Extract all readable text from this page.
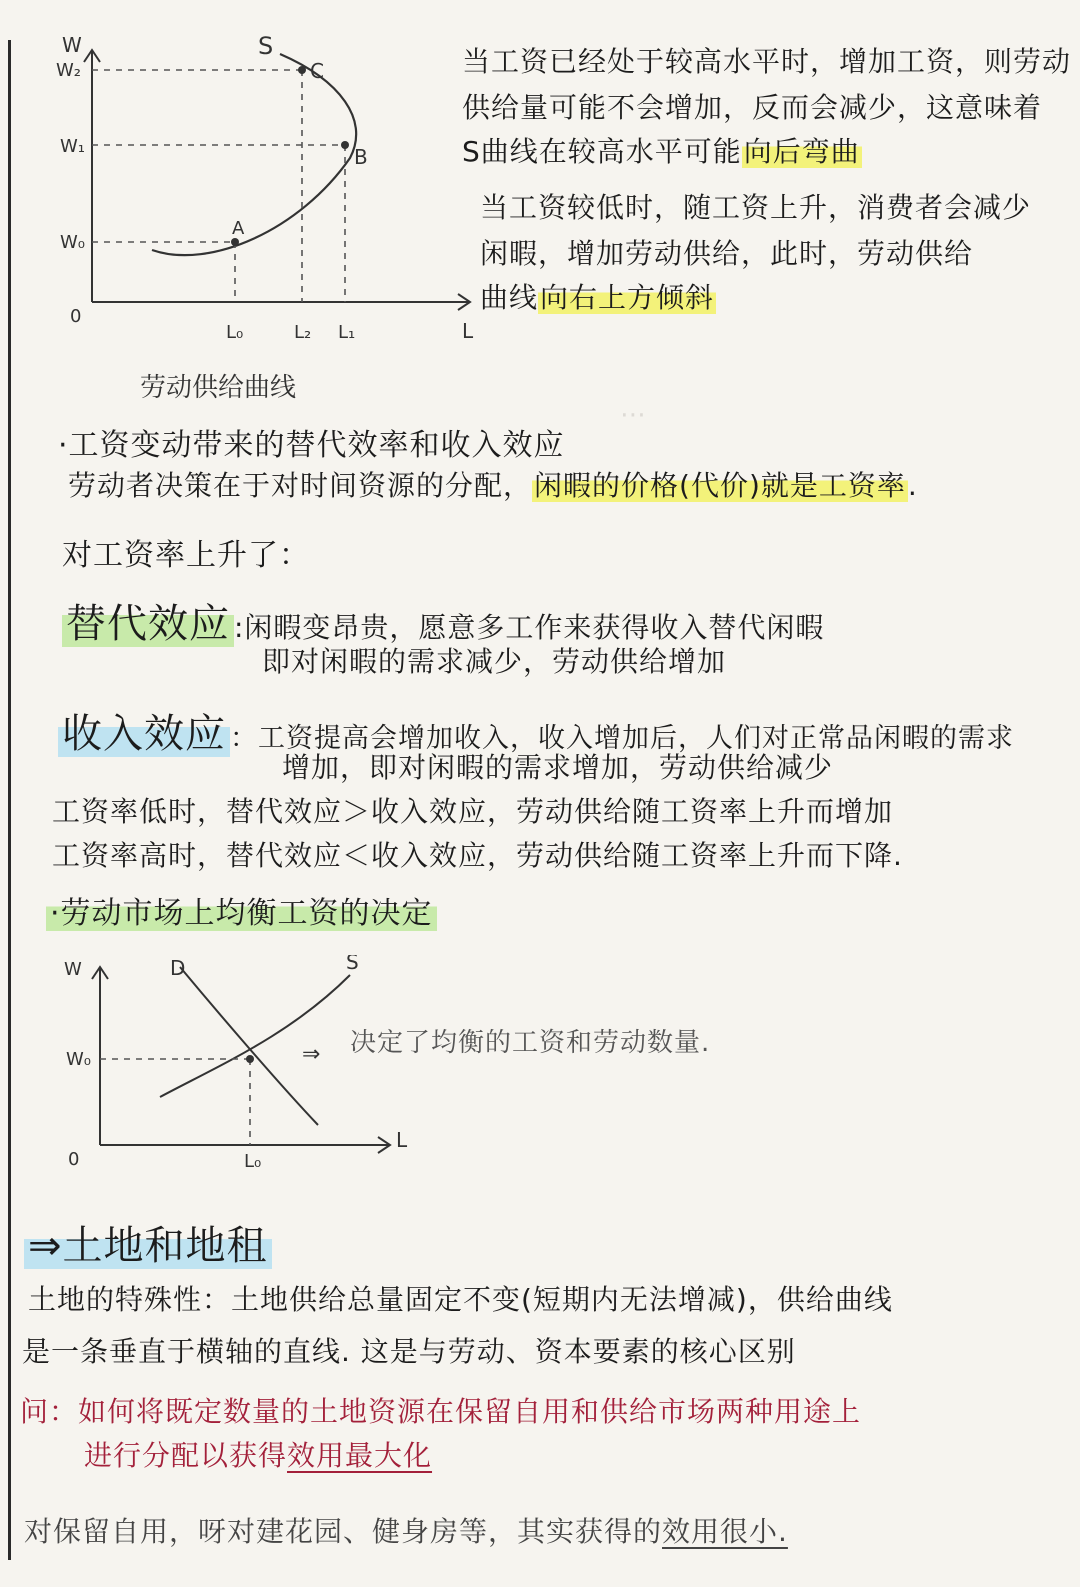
⋯
W
W₂
W₁
W₀
0
L
L₀	L₂ L₁
S
A
B
C
劳动供给曲线
当工资已经处于较高水平时，增加工资，则劳动
供给量可能不会增加，反而会减少，这意味着
S曲线在较高水平可能向后弯曲
当工资较低时，随工资上升，消费者会减少
闲暇，增加劳动供给，此时，劳动供给
曲线向右上方倾斜
·工资变动带来的替代效率和收入效应
劳动者决策在于对时间资源的分配，闲暇的价格(代价)就是工资率.
对工资率上升了：
替代效应 :闲暇变昂贵，愿意多工作来获得收入替代闲暇
即对闲暇的需求减少，劳动供给增加
收入效应 ：工资提高会增加收入，收入增加后，人们对正常品闲暇的需求
增加，即对闲暇的需求增加，劳动供给减少
工资率低时，替代效应＞收入效应，劳动供给随工资率上升而增加
工资率高时，替代效应＜收入效应，劳动供给随工资率上升而下降.
·劳动市场上均衡工资的决定
W
W₀
0
L
L₀
D	S
⇒ 决定了均衡的工资和劳动数量.
⇒土地和地租
土地的特殊性：土地供给总量固定不变(短期内无法增减)，供给曲线
是一条垂直于横轴的直线. 这是与劳动、资本要素的核心区别
问：如何将既定数量的土地资源在保留自用和供给市场两种用途上
进行分配以获得效用最大化
对保留自用，呀对建花园、健身房等，其实获得的效用很小.
